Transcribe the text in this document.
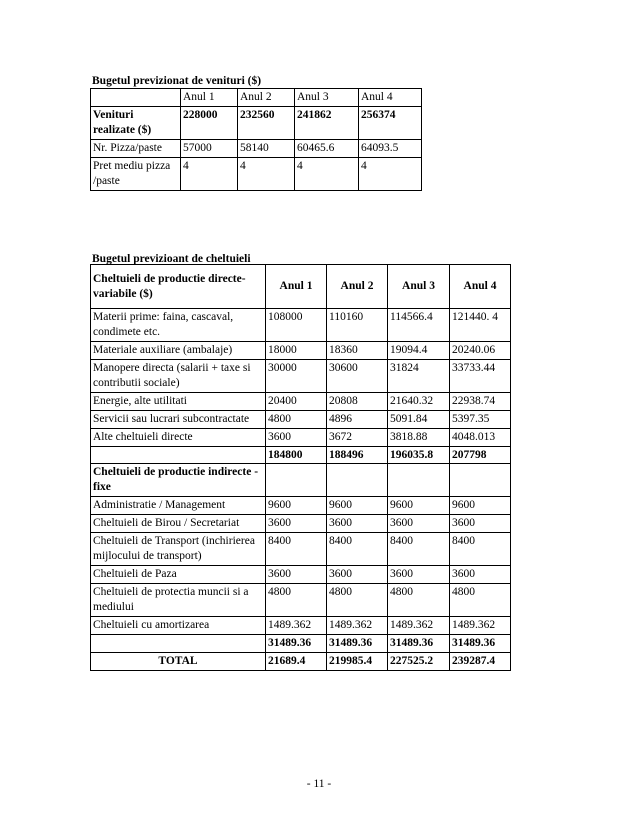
Bugetul previzionat de venituri ($)
	Anul 1	Anul 2	Anul 3	Anul 4
Venituri realizate ($)	228000	232560	241862	256374
Nr. Pizza/paste	57000	58140	60465.6	64093.5
Pret mediu pizza /paste	4	4	4	4
Bugetul previzioant de cheltuieli
Cheltuieli de productie directe-variabile ($)	Anul 1	Anul 2	Anul 3	Anul 4
Materii prime: faina, cascaval, condimete etc.	108000	110160	114566.4	121440. 4
Materiale auxiliare (ambalaje)	18000	18360	19094.4	20240.06
Manopere directa (salarii + taxe si contributii sociale)	30000	30600	31824	33733.44
Energie, alte utilitati	20400	20808	21640.32	22938.74
Servicii sau lucrari subcontractate	4800	4896	5091.84	5397.35
Alte cheltuieli directe	3600	3672	3818.88	4048.013
	184800	188496	196035.8	207798
Cheltuieli de productie indirecte - fixe				
Administratie / Management	9600	9600	9600	9600
Cheltuieli de Birou / Secretariat	3600	3600	3600	3600
Cheltuieli de Transport (inchirierea mijlocului de transport)	8400	8400	8400	8400
Cheltuieli de Paza	3600	3600	3600	3600
Cheltuieli de protectia muncii si a mediului	4800	4800	4800	4800
Cheltuieli cu amortizarea	1489.362	1489.362	1489.362	1489.362
	31489.36	31489.36	31489.36	31489.36
TOTAL	21689.4	219985.4	227525.2	239287.4
- 11 -
